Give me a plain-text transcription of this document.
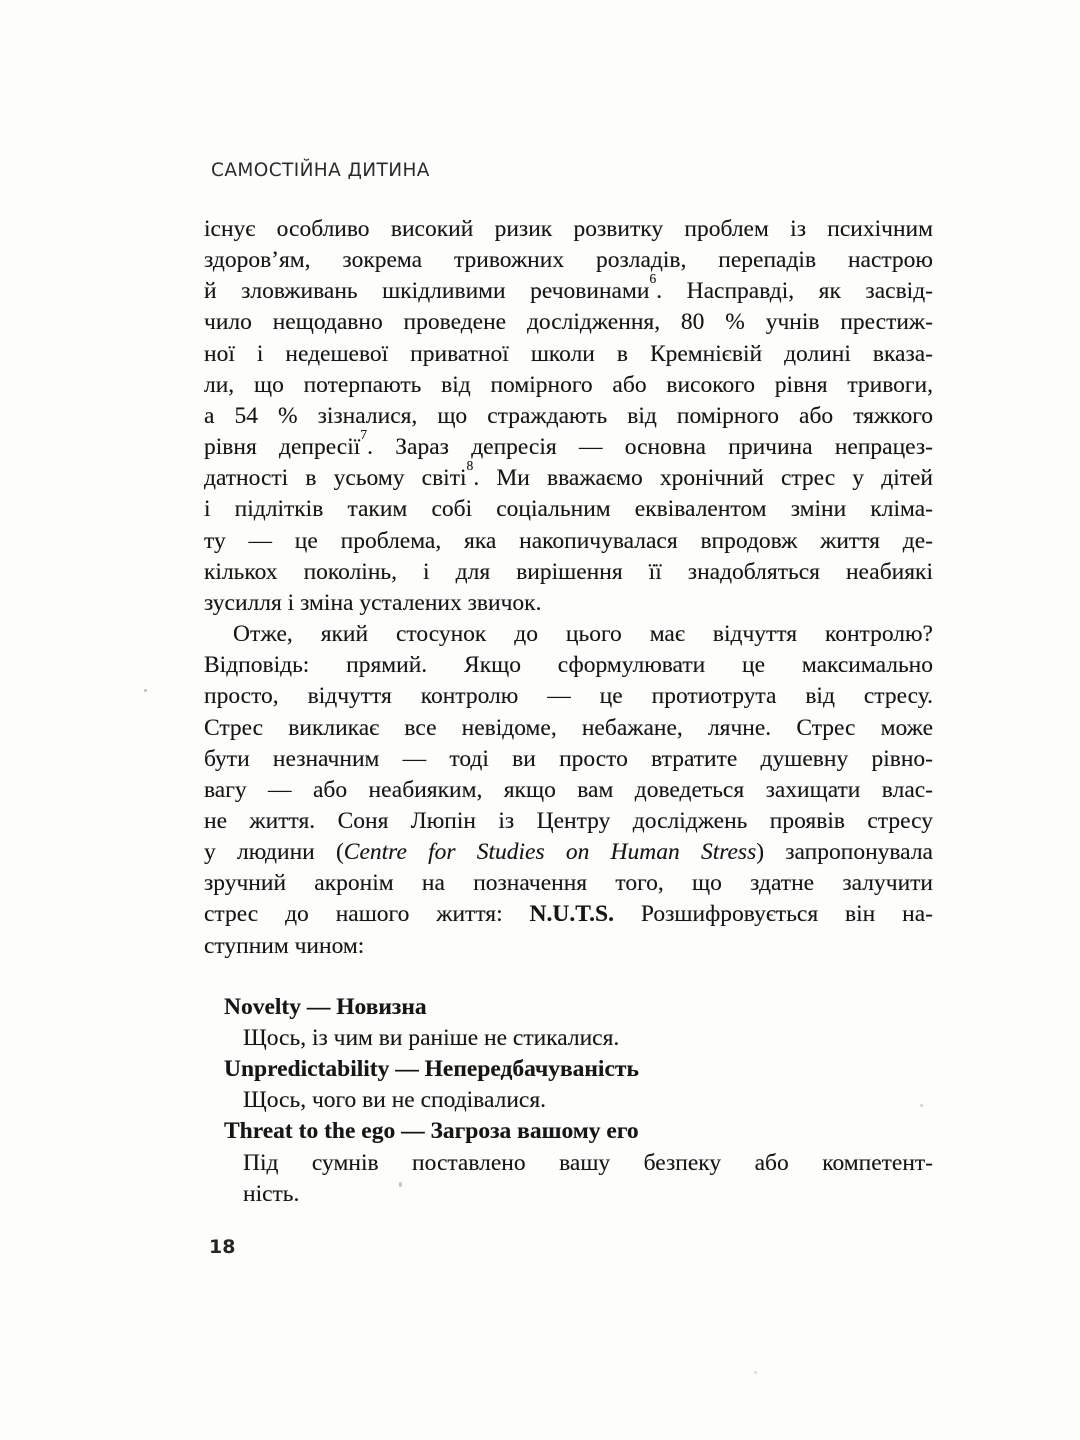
САМОСТІЙНА ДИТИНА
існує особливо високий ризик розвитку проблем із психічним
здоров’ям, зокрема тривожних розладів, перепадів настрою
й зловживань шкідливими речовинами$^6$. Насправді, як засвід-
чило нещодавно проведене дослідження, 80 % учнів престиж-
ної і недешевої приватної школи в Кремнієвій долині вказа-
ли, що потерпають від помірного або високого рівня тривоги,
а 54 % зізналися, що страждають від помірного або тяжкого
рівня депресії$^7$. Зараз депресія — основна причина непрацез-
датності в усьому світі$^8$. Ми вважаємо хронічний стрес у дітей
і підлітків таким собі соціальним еквівалентом зміни кліма-
ту — це проблема, яка накопичувалася впродовж життя де-
кількох поколінь, і для вирішення її знадобляться неабиякі
зусилля і зміна усталених звичок.
Отже, який стосунок до цього має відчуття контролю?
Відповідь: прямий. Якщо сформулювати це максимально
просто, відчуття контролю — це протиотрута від стресу.
Стрес викликає все невідоме, небажане, лячне. Стрес може
бути незначним — тоді ви просто втратите душевну рівно-
вагу — або неабияким, якщо вам доведеться захищати влас-
не життя. Соня Люпін із Центру досліджень проявів стресу
у людини (Centre for Studies on Human Stress) запропонувала
зручний акронім на позначення того, що здатне залучити
стрес до нашого життя: N.U.T.S. Розшифровується він на-
ступним чином:
Novelty — Новизна
Щось, із чим ви раніше не стикалися.
Unpredictability — Непередбачуваність
Щось, чого ви не сподівалися.
Threat to the ego — Загроза вашому его
Під сумнів поставлено вашу безпеку або компетент-
ність.
18
